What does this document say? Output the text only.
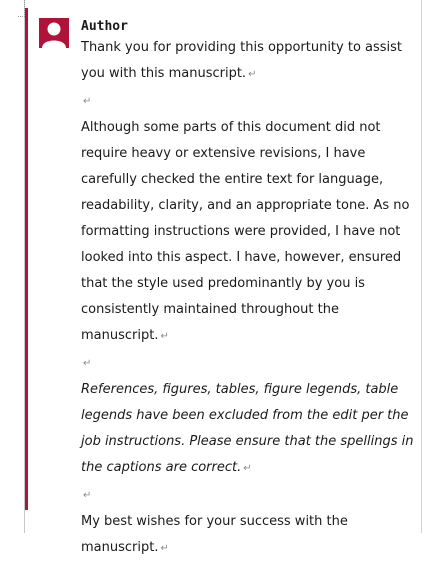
Author

Thank you for providing this opportunity to assist you with this manuscript. ↵

↵

Although some parts of this document did not require heavy or extensive revisions, I have carefully checked the entire text for language, readability, clarity, and an appropriate tone. As no formatting instructions were provided, I have not looked into this aspect. I have, however, ensured that the style used predominantly by you is consistently maintained throughout the manuscript. ↵

↵

References, figures, tables, figure legends, table legends have been excluded from the edit per the job instructions. Please ensure that the spellings in the captions are correct. ↵

↵

My best wishes for your success with the manuscript. ↵
